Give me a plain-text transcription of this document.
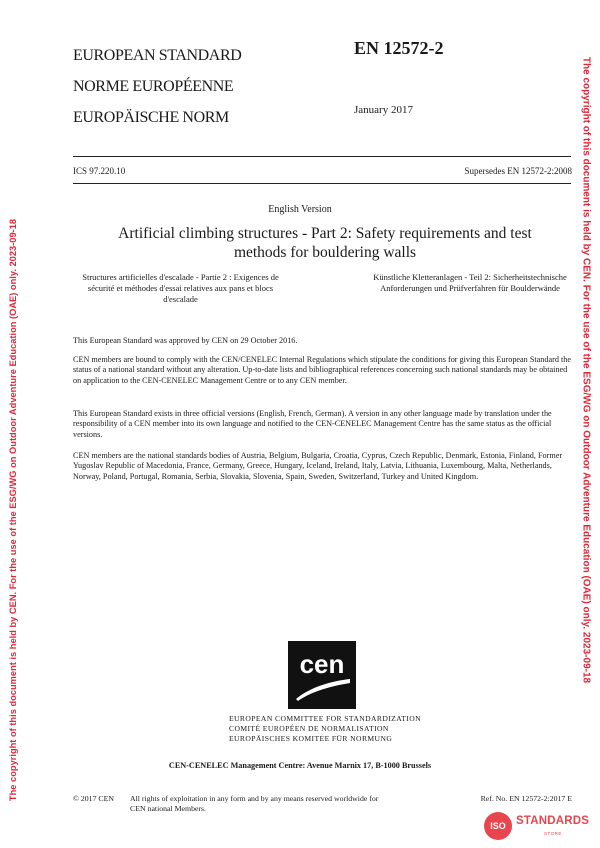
EUROPEAN STANDARD
NORME EUROPÉENNE
EUROPÄISCHE NORM
EN 12572-2
January 2017
ICS 97.220.10	Supersedes EN 12572-2:2008
English Version
Artificial climbing structures - Part 2: Safety requirements and test methods for bouldering walls
Structures artificielles d'escalade - Partie 2 : Exigences de sécurité et méthodes d'essai relatives aux pans et blocs d'escalade
Künstliche Kletteranlagen - Teil 2: Sicherheitstechnische Anforderungen und Prüfverfahren für Boulderwände
This European Standard was approved by CEN on 29 October 2016.
CEN members are bound to comply with the CEN/CENELEC Internal Regulations which stipulate the conditions for giving this European Standard the status of a national standard without any alteration. Up-to-date lists and bibliographical references concerning such national standards may be obtained on application to the CEN-CENELEC Management Centre or to any CEN member.
This European Standard exists in three official versions (English, French, German). A version in any other language made by translation under the responsibility of a CEN member into its own language and notified to the CEN-CENELEC Management Centre has the same status as the official versions.
CEN members are the national standards bodies of Austria, Belgium, Bulgaria, Croatia, Cyprus, Czech Republic, Denmark, Estonia, Finland, Former Yugoslav Republic of Macedonia, France, Germany, Greece, Hungary, Iceland, Ireland, Italy, Latvia, Lithuania, Luxembourg, Malta, Netherlands, Norway, Poland, Portugal, Romania, Serbia, Slovakia, Slovenia, Spain, Sweden, Switzerland, Turkey and United Kingdom.
cen
EUROPEAN COMMITTEE FOR STANDARDIZATION
COMITÉ EUROPÉEN DE NORMALISATION
EUROPÄISCHES KOMITEE FÜR NORMUNG
CEN-CENELEC Management Centre: Avenue Marnix 17, B-1000 Brussels
© 2017 CEN All rights of exploitation in any form and by any means reserved worldwide for CEN national Members.
Ref. No. EN 12572-2:2017 E
The copyright of this document is held by CEN. For the use of the ESG/WG on Outdoor Adventure Education (OAE) only. 2023-09-18	The copyright of this document is held by CEN. For the use of the ESG/WG on Outdoor Adventure Education (OAE) only. 2023-09-18
ISO STANDARDS
STORE
